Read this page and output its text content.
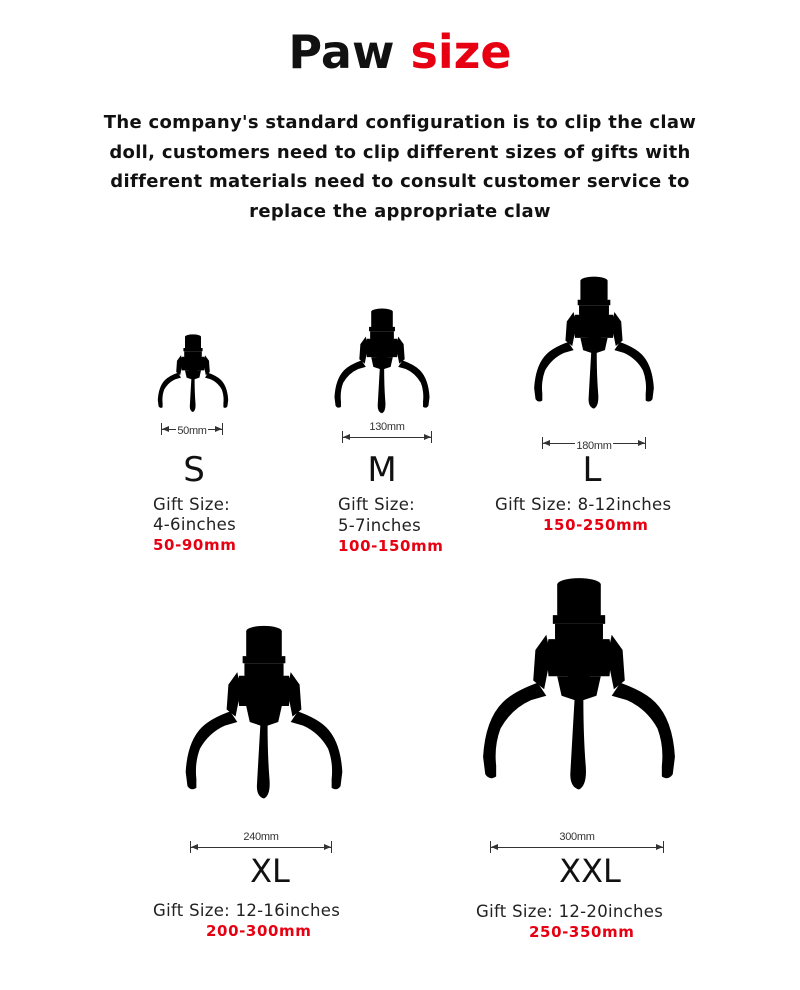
Paw size
The company's standard configuration is to clip the claw
doll, customers need to clip different sizes of gifts with
different materials need to consult customer service to
replace the appropriate claw
50mm
S
Gift Size:
4-6inches
50-90mm
130mm
M
Gift Size:
5-7inches
100-150mm
180mm
L
Gift Size: 8-12inches
150-250mm
240mm
XL
Gift Size: 12-16inches
200-300mm
300mm
XXL
Gift Size: 12-20inches
250-350mm
